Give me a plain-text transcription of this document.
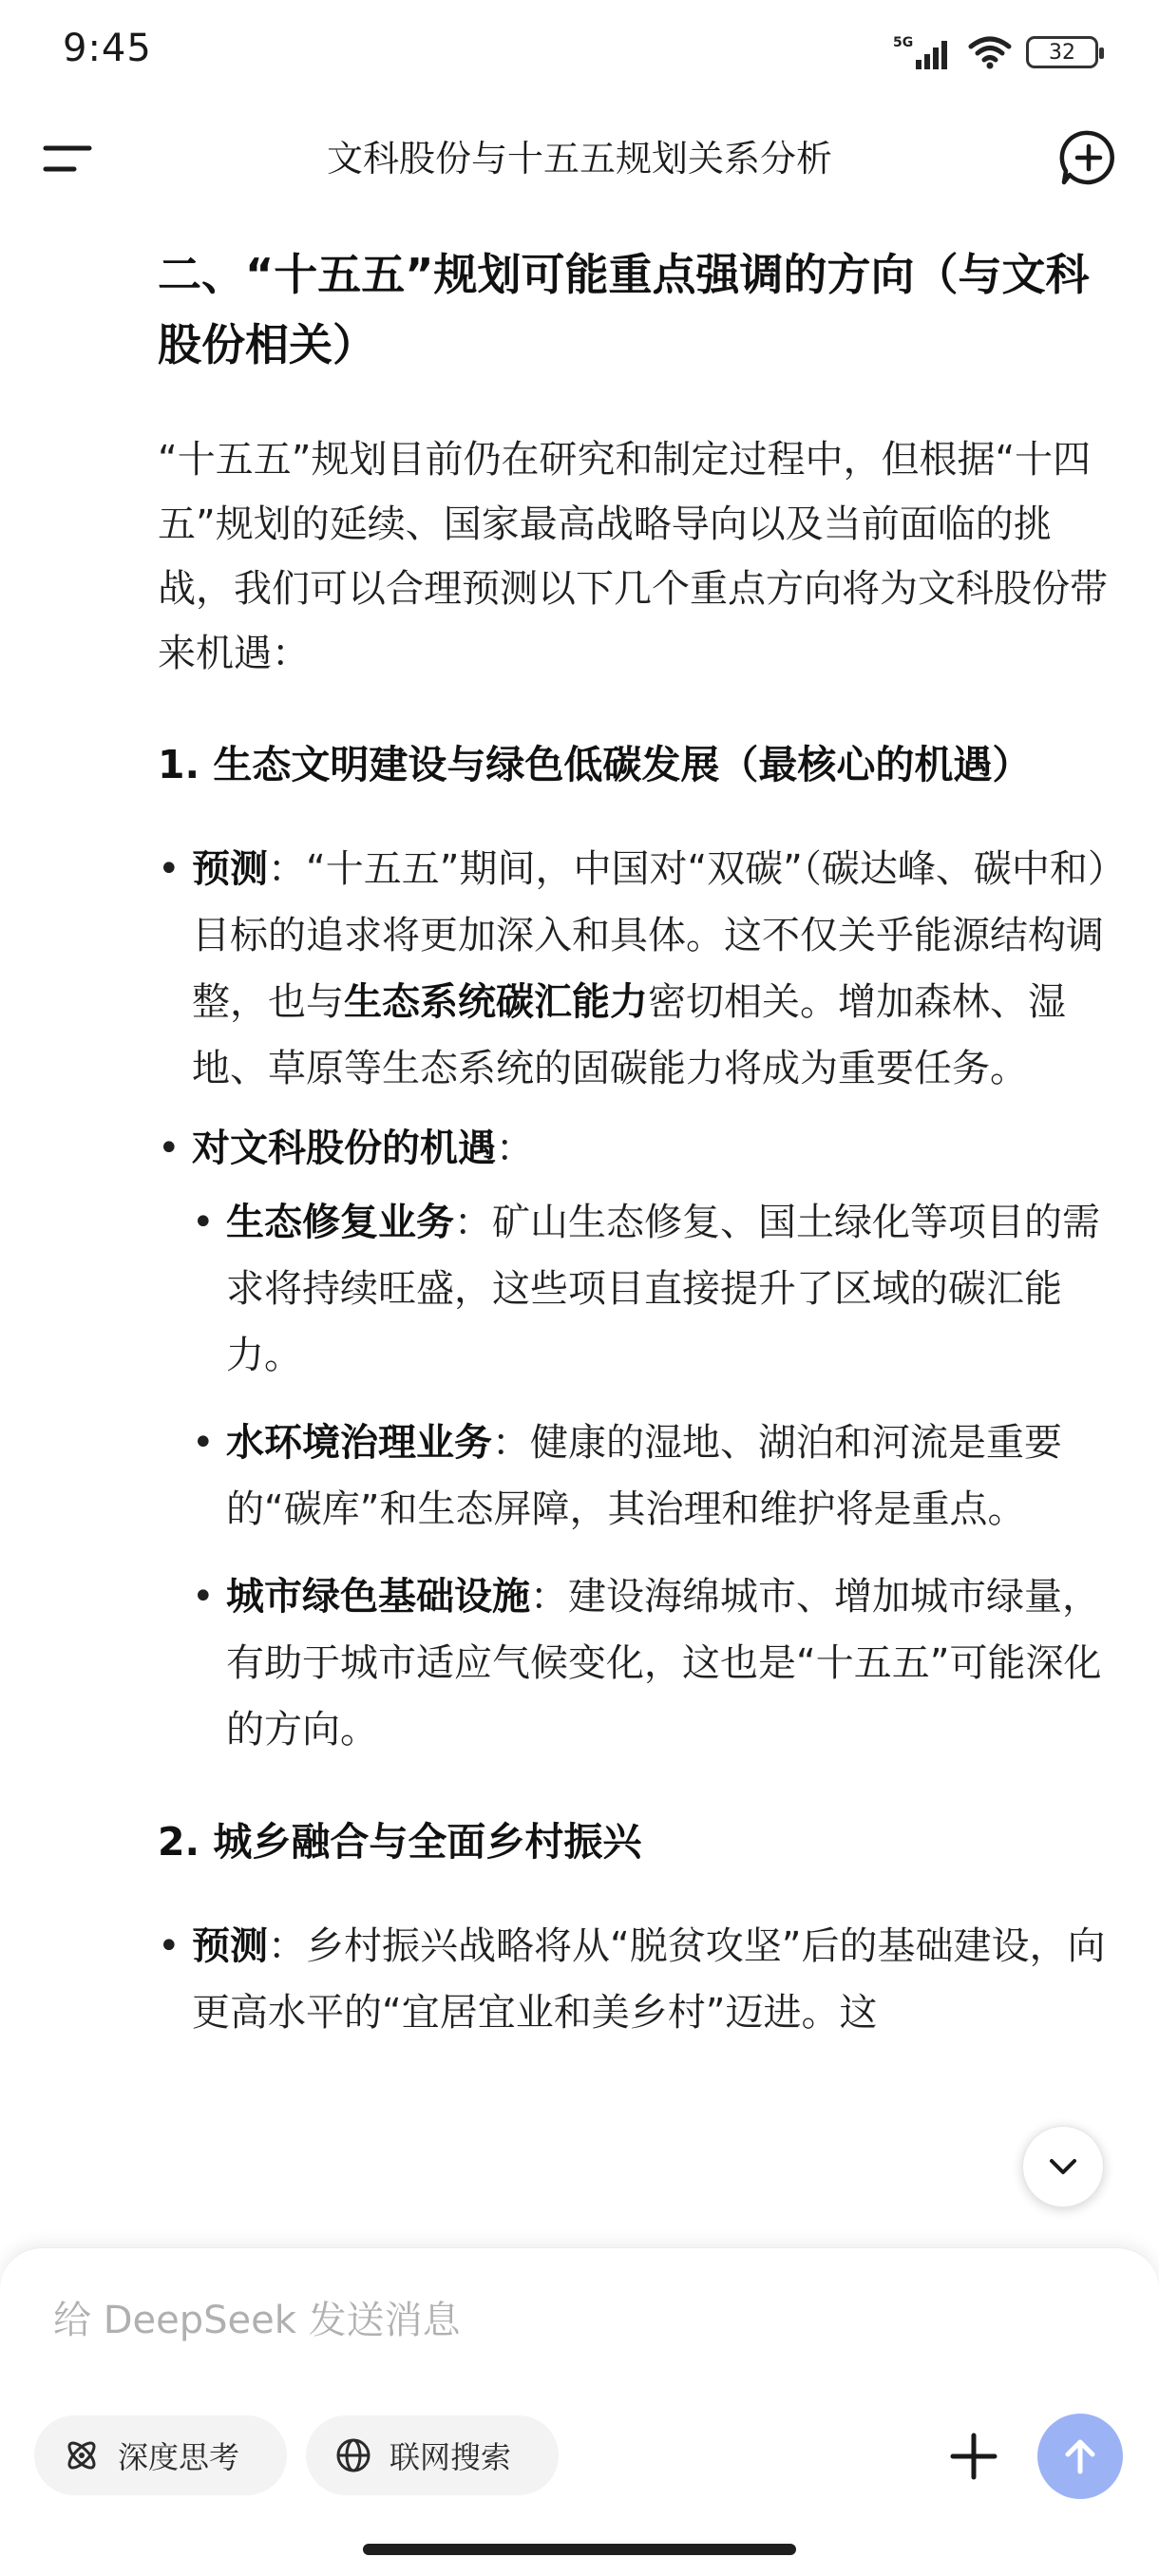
9:45	5G	32
文科股份与十五五规划关系分析
二、“十五五”规划可能重点强调的方向（与文科股份相关）
“十五五”规划目前仍在研究和制定过程中，但根据“十四五”规划的延续、国家最高战略导向以及当前面临的挑战，我们可以合理预测以下几个重点方向将为文科股份带来机遇：
1. 生态文明建设与绿色低碳发展（最核心的机遇）
• 预测：“十五五”期间，中国对“双碳”（碳达峰、碳中和）目标的追求将更加深入和具体。这不仅关乎能源结构调整，也与生态系统碳汇能力密切相关。增加森林、湿地、草原等生态系统的固碳能力将成为重要任务。
• 对文科股份的机遇：
• 生态修复业务：矿山生态修复、国土绿化等项目的需求将持续旺盛，这些项目直接提升了区域的碳汇能力。
• 水环境治理业务：健康的湿地、湖泊和河流是重要的“碳库”和生态屏障，其治理和维护将是重点。
• 城市绿色基础设施：建设海绵城市、增加城市绿量，有助于城市适应气候变化，这也是“十五五”可能深化的方向。
2. 城乡融合与全面乡村振兴
• 预测：乡村振兴战略将从“脱贫攻坚”后的基础建设，向更高水平的“宜居宜业和美乡村”迈进。这
给 DeepSeek 发送消息
深度思考	联网搜索
